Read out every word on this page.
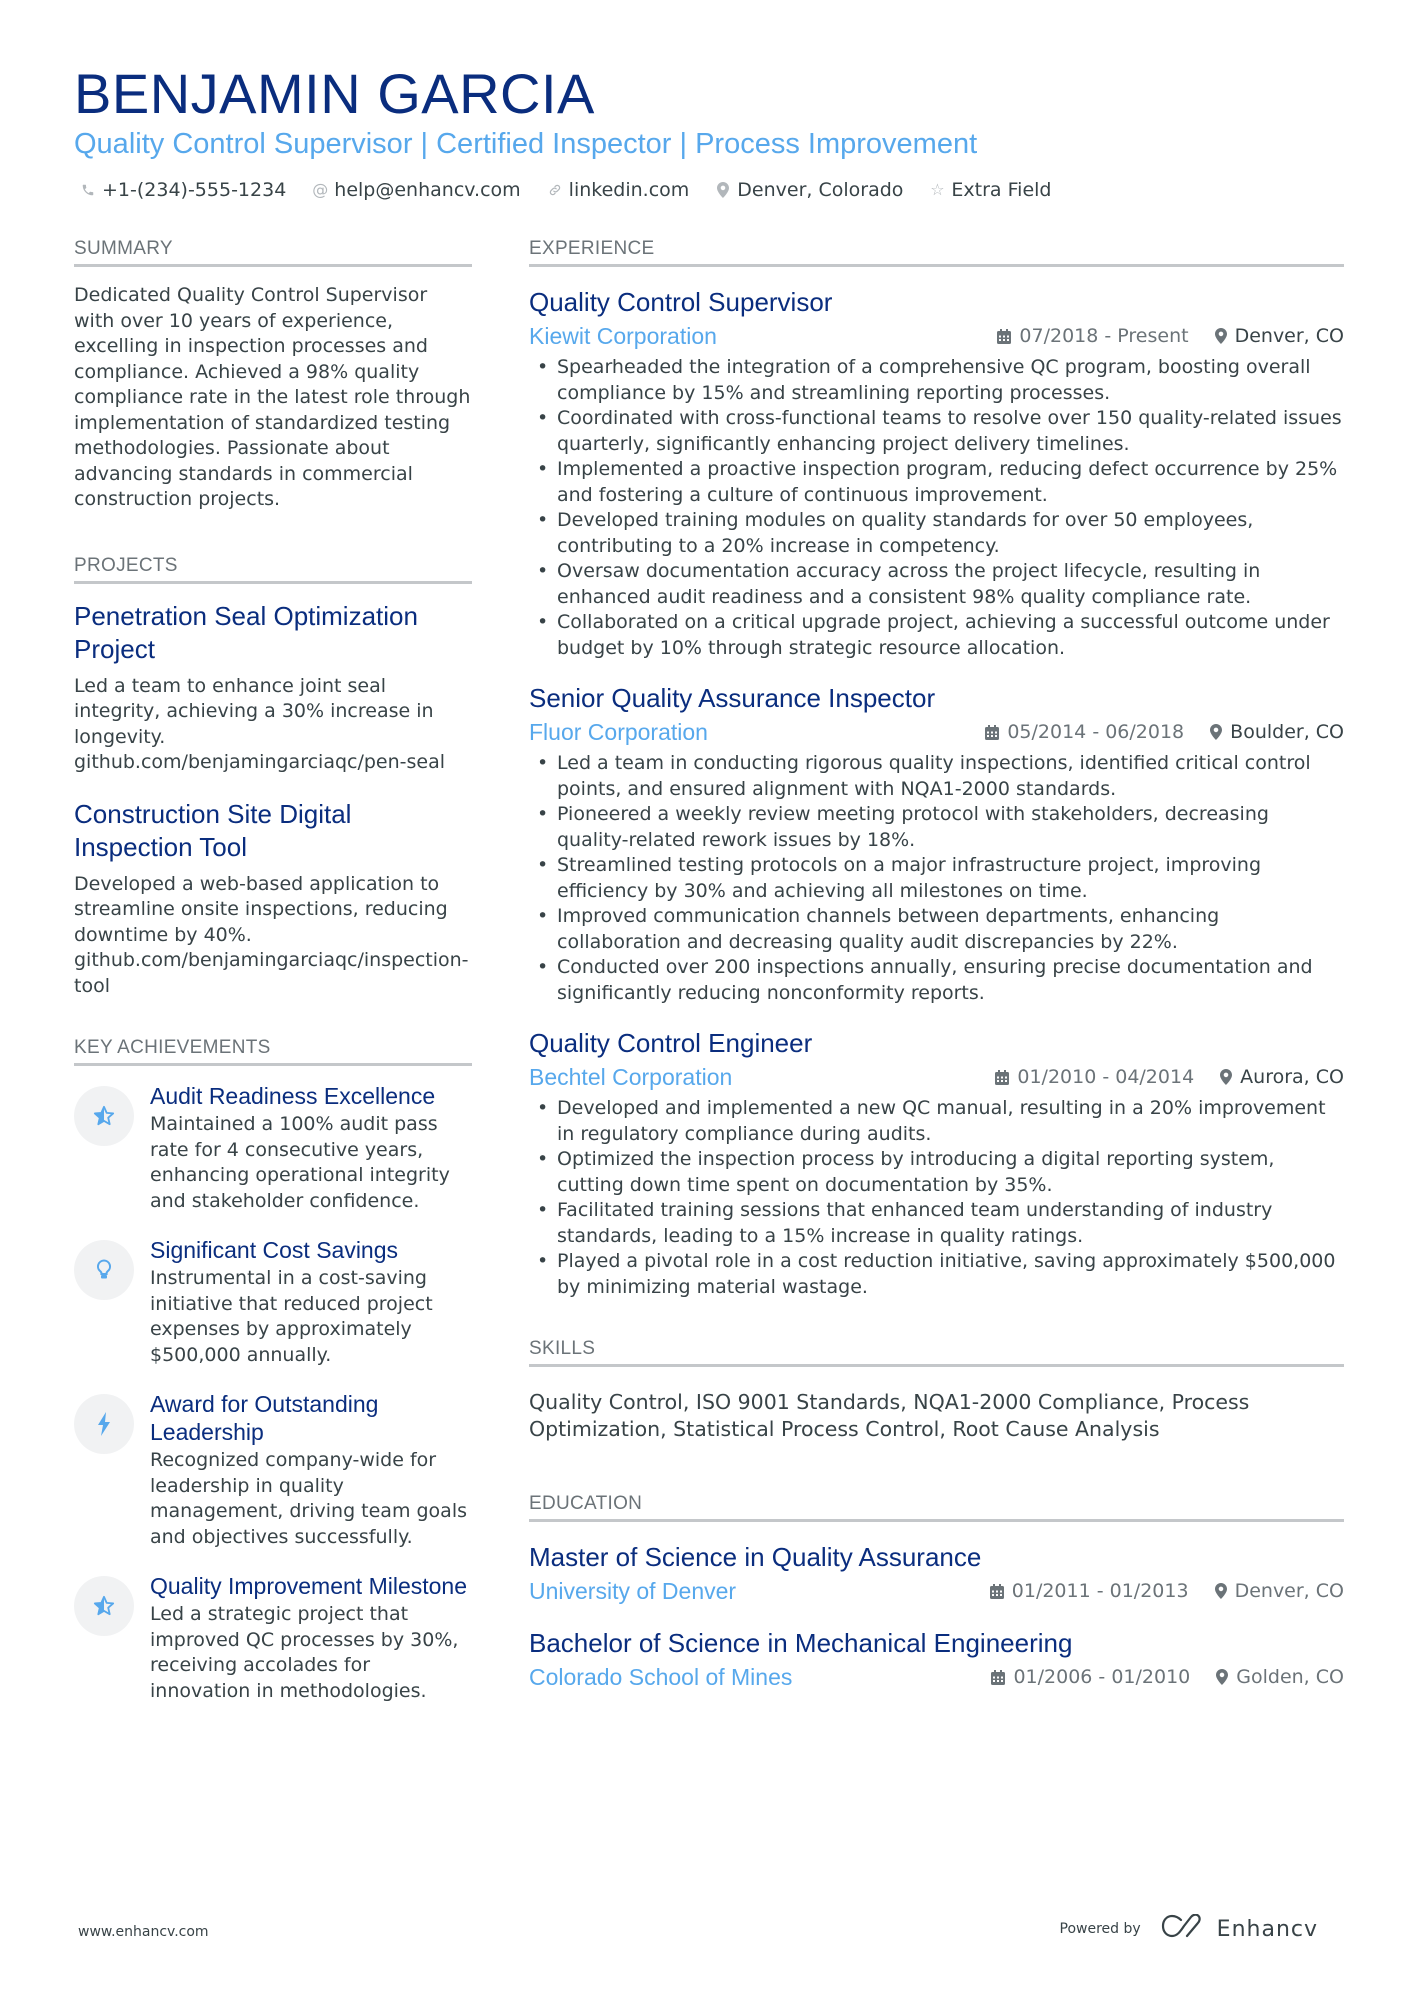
BENJAMIN GARCIA
Quality Control Supervisor | Certified Inspector | Process Improvement
+1-(234)-555-1234 @ help@enhancv.com	linkedin.com	Denver, Colorado ☆ Extra Field
SUMMARY

Dedicated Quality Control Supervisor with over 10 years of experience, excelling in inspection processes and compliance. Achieved a 98% quality compliance rate in the latest role through implementation of standardized testing methodologies. Passionate about advancing standards in commercial construction projects.

PROJECTS
Penetration Seal Optimization Project

Led a team to enhance joint seal integrity, achieving a 30% increase in longevity.

github.com/benjamingarciaqc/pen-seal

Construction Site Digital Inspection Tool

Developed a web-based application to streamline onsite inspections, reducing downtime by 40%.

github.com/benjamingarciaqc/inspection-tool

KEY ACHIEVEMENTS
Audit Readiness Excellence

Maintained a 100% audit pass rate for 4 consecutive years, enhancing operational integrity and stakeholder confidence.

Significant Cost Savings

Instrumental in a cost-saving initiative that reduced project expenses by approximately $500,000 annually.

Award for Outstanding Leadership

Recognized company-wide for leadership in quality management, driving team goals and objectives successfully.

Quality Improvement Milestone

Led a strategic project that improved QC processes by 30%, receiving accolades for innovation in methodologies.

EXPERIENCE
Quality Control Supervisor
Kiewit Corporation	07/2018 - Present Denver, CO
• Spearheaded the integration of a comprehensive QC program, boosting overall compliance by 15% and streamlining reporting processes.
• Coordinated with cross-functional teams to resolve over 150 quality-related issues quarterly, significantly enhancing project delivery timelines.
• Implemented a proactive inspection program, reducing defect occurrence by 25% and fostering a culture of continuous improvement.
• Developed training modules on quality standards for over 50 employees, contributing to a 20% increase in competency.
• Oversaw documentation accuracy across the project lifecycle, resulting in enhanced audit readiness and a consistent 98% quality compliance rate.
• Collaborated on a critical upgrade project, achieving a successful outcome under budget by 10% through strategic resource allocation.
Senior Quality Assurance Inspector
Fluor Corporation	05/2014 - 06/2018 Boulder, CO
• Led a team in conducting rigorous quality inspections, identified critical control points, and ensured alignment with NQA1-2000 standards.
• Pioneered a weekly review meeting protocol with stakeholders, decreasing quality-related rework issues by 18%.
• Streamlined testing protocols on a major infrastructure project, improving efficiency by 30% and achieving all milestones on time.
• Improved communication channels between departments, enhancing collaboration and decreasing quality audit discrepancies by 22%.
• Conducted over 200 inspections annually, ensuring precise documentation and significantly reducing nonconformity reports.
Quality Control Engineer
Bechtel Corporation	01/2010 - 04/2014 Aurora, CO
• Developed and implemented a new QC manual, resulting in a 20% improvement in regulatory compliance during audits.
• Optimized the inspection process by introducing a digital reporting system, cutting down time spent on documentation by 35%.
• Facilitated training sessions that enhanced team understanding of industry standards, leading to a 15% increase in quality ratings.
• Played a pivotal role in a cost reduction initiative, saving approximately $500,000 by minimizing material wastage.
SKILLS

Quality Control, ISO 9001 Standards, NQA1-2000 Compliance, Process Optimization, Statistical Process Control, Root Cause Analysis

EDUCATION
Master of Science in Quality Assurance
University of Denver	01/2011 - 01/2013 Denver, CO
Bachelor of Science in Mechanical Engineering
Colorado School of Mines	01/2006 - 01/2010 Golden, CO
www.enhancv.com	Powered by	Enhancv
